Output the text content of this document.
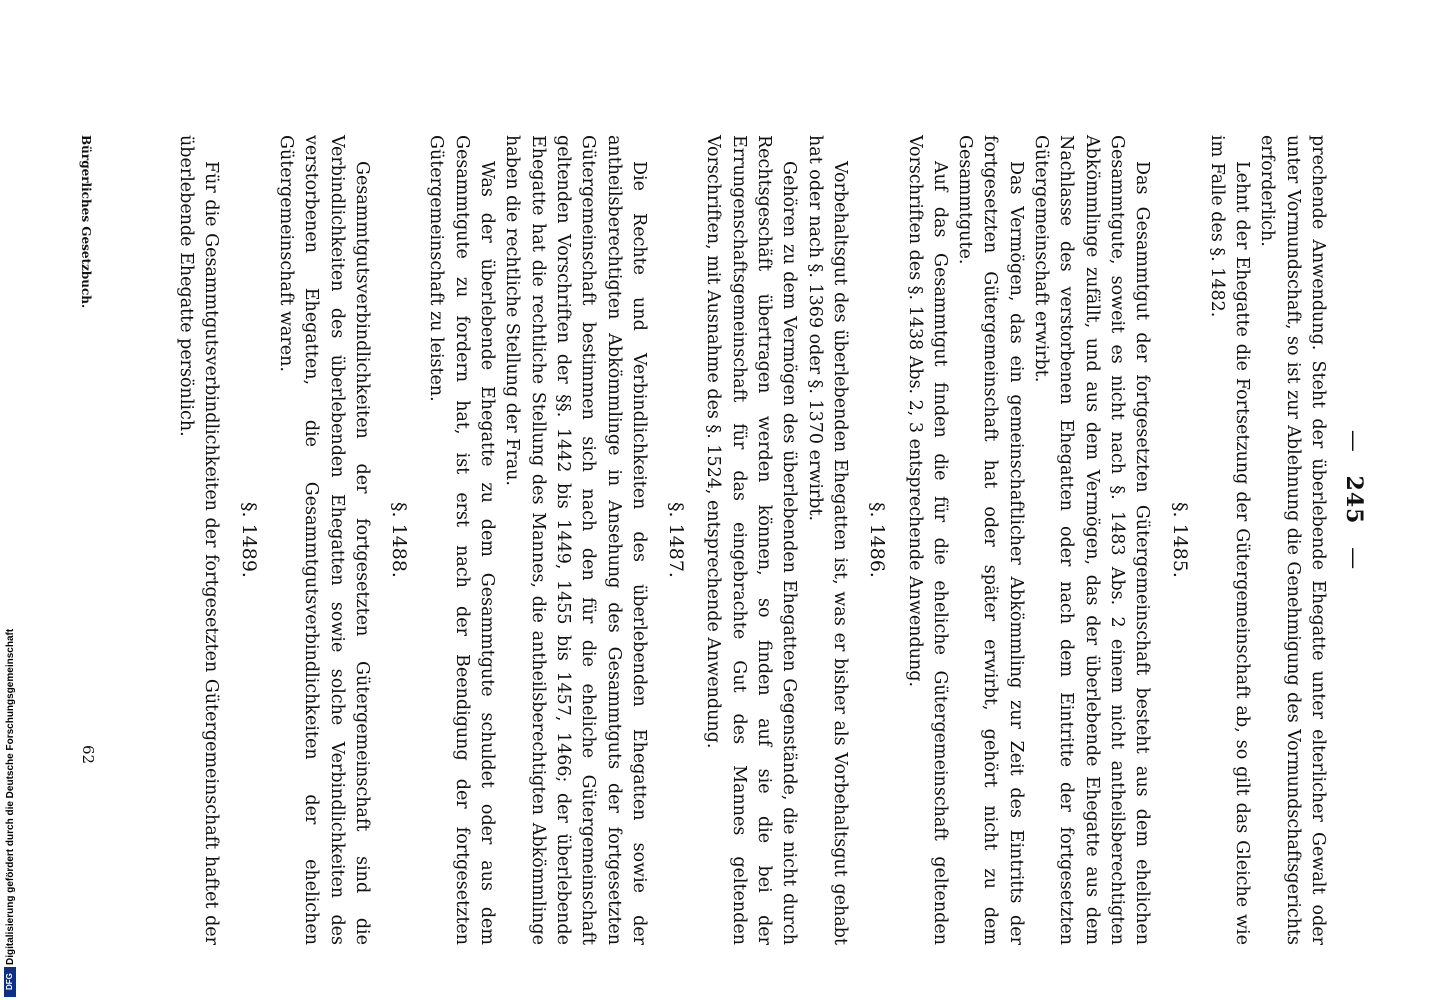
— 245 —

prechende Anwendung. Steht der überlebende Ehegatte unter elterlicher Gewalt oder unter Vormundschaft, so ist zur Ablehnung die Genehmigung des Vormundschaftsgerichts erforderlich.

Lehnt der Ehegatte die Fortsetzung der Gütergemeinschaft ab, so gilt das Gleiche wie im Falle des §. 1482.

§. 1485.

Das Gesammtgut der fortgesetzten Gütergemeinschaft besteht aus dem ehelichen Gesammtgute, soweit es nicht nach §. 1483 Abs. 2 einem nicht antheilsberechtigten Abkömmlinge zufällt, und aus dem Vermögen, das der überlebende Ehegatte aus dem Nachlasse des verstorbenen Ehegatten oder nach dem Eintritte der fortgesetzten Gütergemeinschaft erwirbt.

Das Vermögen, das ein gemeinschaftlicher Abkömmling zur Zeit des Eintritts der fortgesetzten Gütergemeinschaft hat oder später erwirbt, gehört nicht zu dem Gesammtgute.

Auf das Gesammtgut finden die für die eheliche Gütergemeinschaft geltenden Vorschriften des §. 1438 Abs. 2, 3 entsprechende Anwendung.

§. 1486.

Vorbehaltsgut des überlebenden Ehegatten ist, was er bisher als Vorbehaltsgut gehabt hat oder nach §. 1369 oder §. 1370 erwirbt.

Gehören zu dem Vermögen des überlebenden Ehegatten Gegenstände, die nicht durch Rechtsgeschäft übertragen werden können, so finden auf sie die bei der Errungenschaftsgemeinschaft für das eingebrachte Gut des Mannes geltenden Vorschriften, mit Ausnahme des §. 1524, entsprechende Anwendung.

§. 1487.

Die Rechte und Verbindlichkeiten des überlebenden Ehegatten sowie der antheilsberechtigten Abkömmlinge in Ansehung des Gesammtguts der fortgesetzten Gütergemeinschaft bestimmen sich nach den für die eheliche Gütergemeinschaft geltenden Vorschriften der §§. 1442 bis 1449, 1455 bis 1457, 1466; der überlebende Ehegatte hat die rechtliche Stellung des Mannes, die antheilsberechtigten Abkömmlinge haben die rechtliche Stellung der Frau.

Was der überlebende Ehegatte zu dem Gesammtgute schuldet oder aus dem Gesammtgute zu fordern hat, ist erst nach der Beendigung der fortgesetzten Gütergemeinschaft zu leisten.

§. 1488.

Gesammtgutsverbindlichkeiten der fortgesetzten Gütergemeinschaft sind die Verbindlichkeiten des überlebenden Ehegatten sowie solche Verbindlichkeiten des verstorbenen Ehegatten, die Gesammtgutsverbindlichkeiten der ehelichen Gütergemeinschaft waren.

§. 1489.

Für die Gesammtgutsverbindlichkeiten der fortgesetzten Gütergemeinschaft haftet der überlebende Ehegatte persönlich.

Bürgerliches Gesetzbuch.
62
Digitalisierung gefördert durch die Deutsche Forschungsgemeinschaft
DFG
